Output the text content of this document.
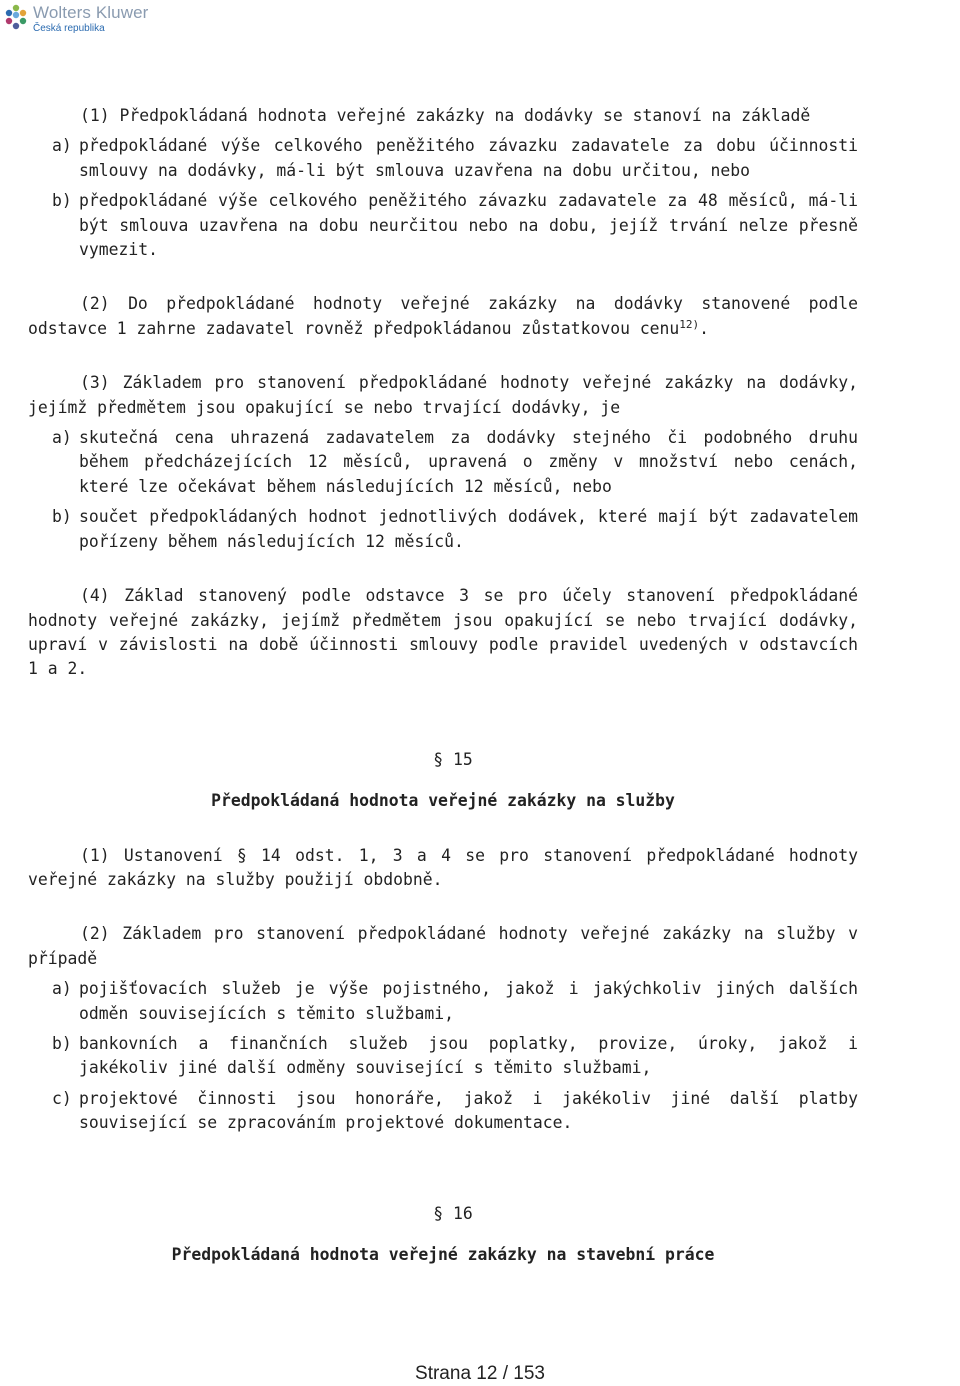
Wolters Kluwer
Česká republika

(1) Předpokládaná hodnota veřejné zakázky na dodávky se stanoví na základě

a) předpokládané výše celkového peněžitého závazku zadavatele za dobu účinnosti smlouvy na dodávky, má-li být smlouva uzavřena na dobu určitou, nebo
b) předpokládané výše celkového peněžitého závazku zadavatele za 48 měsíců, má-li být smlouva uzavřena na dobu neurčitou nebo na dobu, jejíž trvání nelze přesně vymezit.

(2) Do předpokládané hodnoty veřejné zakázky na dodávky stanovené podle odstavce 1 zahrne zadavatel rovněž předpokládanou zůstatkovou cenu$^{12)}$.

(3) Základem pro stanovení předpokládané hodnoty veřejné zakázky na dodávky, jejímž předmětem jsou opakující se nebo trvající dodávky, je

a) skutečná cena uhrazená zadavatelem za dodávky stejného či podobného druhu během předcházejících 12 měsíců, upravená o změny v množství nebo cenách, které lze očekávat během následujících 12 měsíců, nebo
b) součet předpokládaných hodnot jednotlivých dodávek, které mají být zadavatelem pořízeny během následujících 12 měsíců.

(4) Základ stanovený podle odstavce 3 se pro účely stanovení předpokládané hodnoty veřejné zakázky, jejímž předmětem jsou opakující se nebo trvající dodávky, upraví v závislosti na době účinnosti smlouvy podle pravidel uvedených v odstavcích 1 a 2.

§ 15

Předpokládaná hodnota veřejné zakázky na služby

(1) Ustanovení § 14 odst. 1, 3 a 4 se pro stanovení předpokládané hodnoty veřejné zakázky na služby použijí obdobně.

(2) Základem pro stanovení předpokládané hodnoty veřejné zakázky na služby v případě

a) pojišťovacích služeb je výše pojistného, jakož i jakýchkoliv jiných dalších odměn souvisejících s těmito službami,
b) bankovních a finančních služeb jsou poplatky, provize, úroky, jakož i jakékoliv jiné další odměny související s těmito službami,
c) projektové činnosti jsou honoráře, jakož i jakékoliv jiné další platby související se zpracováním projektové dokumentace.

§ 16

Předpokládaná hodnota veřejné zakázky na stavební práce

Strana 12 / 153
